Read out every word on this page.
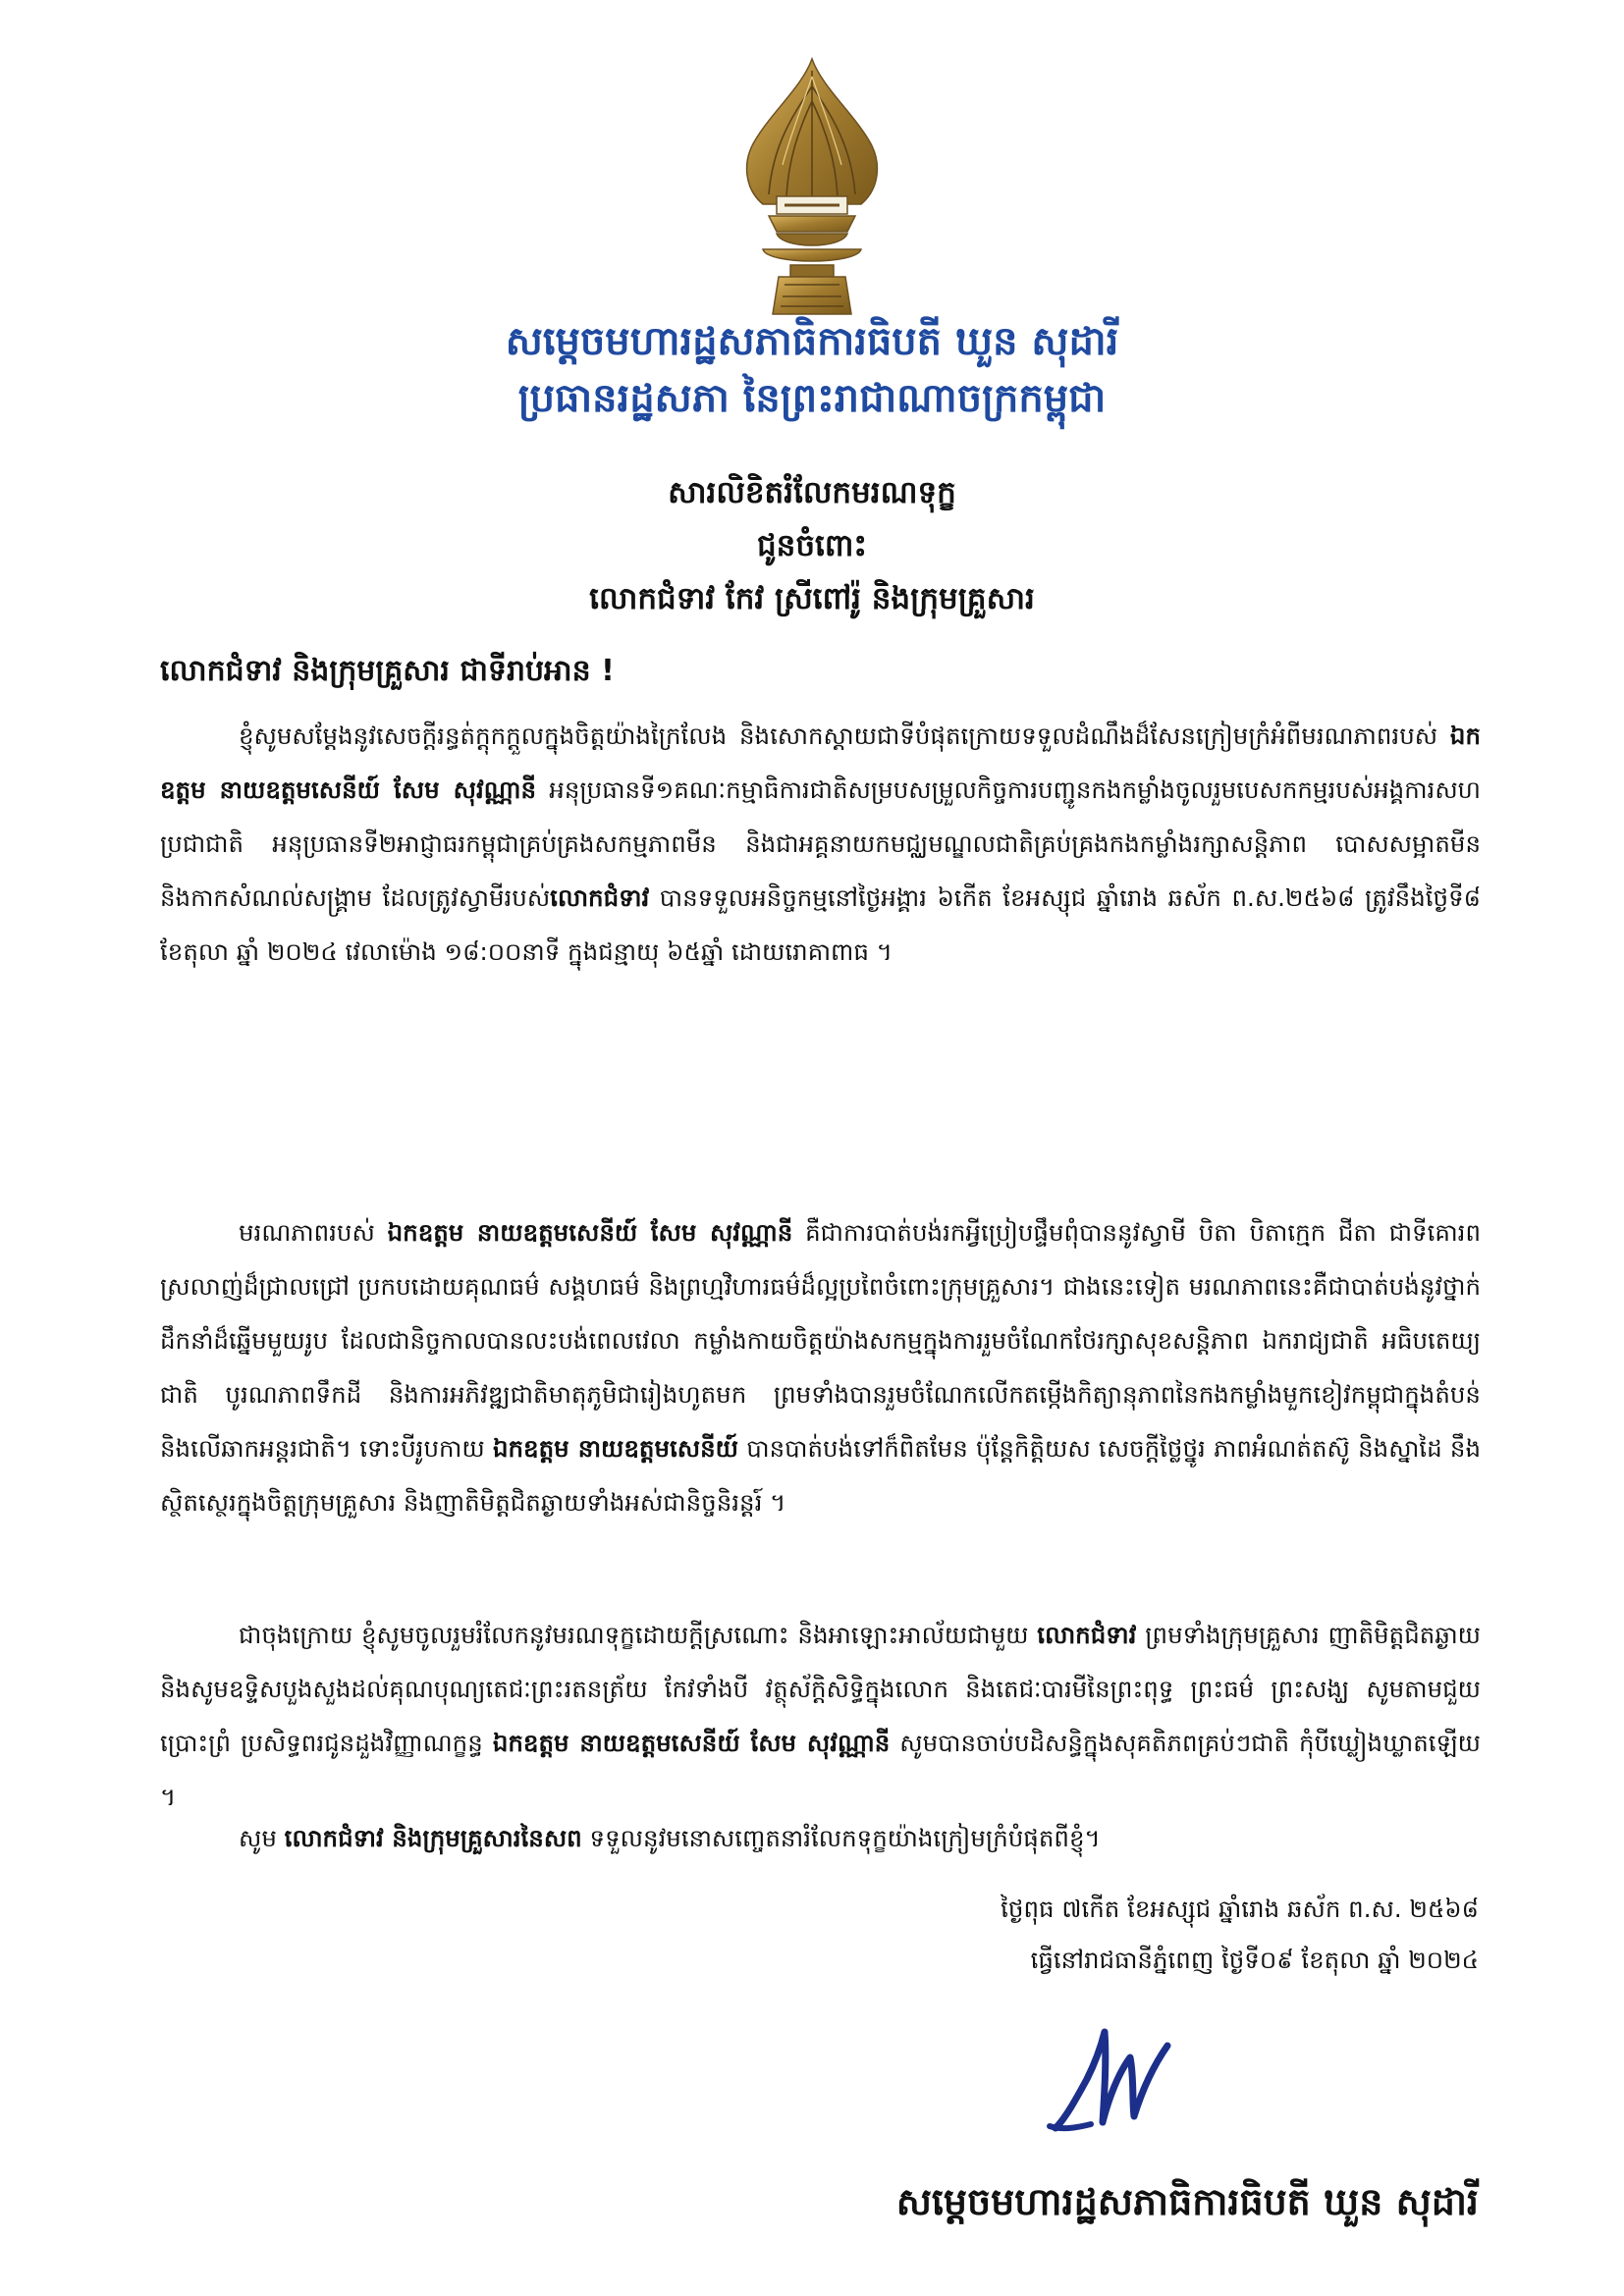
សម្ដេចមហារដ្ឋសភាធិការធិបតី ឃួន សុដារី
ប្រធានរដ្ឋសភា នៃព្រះរាជាណាចក្រកម្ពុជា
សារលិខិតរំលែកមរណទុក្ខ
ជូនចំពោះ
លោកជំទាវ កែវ ស្រីពៅរ៉ូ និងក្រុមគ្រួសារ
លោកជំទាវ និងក្រុមគ្រួសារ ជាទីរាប់អាន !

ខ្ញុំសូមសម្ដែងនូវសេចក្ដីរន្ធត់ក្ដុកក្ដួលក្នុងចិត្តយ៉ាងក្រៃលែង និងសោកស្ដាយជាទីបំផុតក្រោយទទួលដំណឹងដ៏សែនក្រៀមក្រំអំពីមរណភាពរបស់ ឯកឧត្តម នាយឧត្តមសេនីយ៍ សែម សុវណ្ណានី អនុប្រធានទី១គណៈកម្មាធិការជាតិសម្របសម្រួលកិច្ចការបញ្ជូនកងកម្លាំងចូលរួមបេសកកម្មរបស់អង្គការសហប្រជាជាតិ អនុប្រធានទី២អាជ្ញាធរកម្ពុជាគ្រប់គ្រងសកម្មភាពមីន និងជាអគ្គនាយកមជ្ឈមណ្ឌលជាតិគ្រប់គ្រងកងកម្លាំងរក្សាសន្តិភាព បោសសម្អាតមីន និងកាកសំណល់សង្គ្រាម ដែលត្រូវស្វាមីរបស់លោកជំទាវ បានទទួលអនិច្ចកម្មនៅថ្ងៃអង្គារ ៦កើត ខែអស្សុជ ឆ្នាំរោង ឆស័ក ព.ស.២៥៦៨ ត្រូវនឹងថ្ងៃទី៨ ខែតុលា ឆ្នាំ ២០២៤ វេលាម៉ោង ១៨:០០នាទី ក្នុងជន្មាយុ ៦៥ឆ្នាំ ដោយរោគាពាធ ។

មរណភាពរបស់ ឯកឧត្តម នាយឧត្តមសេនីយ៍ សែម សុវណ្ណានី គឺជាការបាត់បង់រកអ្វីប្រៀបផ្ទឹមពុំបាននូវស្វាមី បិតា បិតាក្មេក ជីតា ជាទីគោរពស្រលាញ់ដ៏ជ្រាលជ្រៅ ប្រកបដោយគុណធម៌ សង្គហធម៌ និងព្រហ្មវិហារធម៌ដ៏ល្អប្រពៃចំពោះក្រុមគ្រួសារ។ ជាងនេះទៀត មរណភាពនេះគឺជាបាត់បង់នូវថ្នាក់ដឹកនាំដ៏ឆ្នើមមួយរូប ដែលជានិច្ចកាលបានលះបង់ពេលវេលា កម្លាំងកាយចិត្តយ៉ាងសកម្មក្នុងការរួមចំណែកថែរក្សាសុខសន្តិភាព ឯករាជ្យជាតិ អធិបតេយ្យជាតិ បូរណភាពទឹកដី និងការអភិវឌ្ឍជាតិមាតុភូមិជារៀងហូតមក ព្រមទាំងបានរួមចំណែកលើកតម្កើងកិត្យានុភាពនៃកងកម្លាំងមួកខៀវកម្ពុជាក្នុងតំបន់ និងលើឆាកអន្តរជាតិ។ ទោះបីរូបកាយ ឯកឧត្តម នាយឧត្តមសេនីយ៍ បានបាត់បង់ទៅក៏ពិតមែន ប៉ុន្តែកិត្តិយស សេចក្ដីថ្លៃថ្នូរ ភាពអំណត់តស៊ូ និងស្នាដៃ នឹងស្ថិតស្ថេរក្នុងចិត្តក្រុមគ្រួសារ និងញាតិមិត្តជិតឆ្ងាយទាំងអស់ជានិច្ចនិរន្តរ៍ ។

ជាចុងក្រោយ ខ្ញុំសូមចូលរួមរំលែកនូវមរណទុក្ខដោយក្ដីស្រណោះ និងអាឡោះអាល័យជាមួយ លោកជំទាវ ព្រមទាំងក្រុមគ្រួសារ ញាតិមិត្តជិតឆ្ងាយ និងសូមឧទ្ទិសបួងសួងដល់គុណបុណ្យតេជៈព្រះរតនត្រ័យ កែវទាំងបី វត្ថុស័ក្ដិសិទ្ធិក្នុងលោក និងតេជៈបារមីនៃព្រះពុទ្ធ ព្រះធម៌ ព្រះសង្ឃ សូមតាមជួយប្រោះព្រំ ប្រសិទ្ធពរជូនដួងវិញ្ញាណក្ខន្ធ ឯកឧត្តម នាយឧត្តមសេនីយ៍ សែម សុវណ្ណានី សូមបានចាប់បដិសន្ធិក្នុងសុគតិភពគ្រប់ៗជាតិ កុំបីឃ្លៀងឃ្លាតឡើយ ។

សូម លោកជំទាវ និងក្រុមគ្រួសារនៃសព ទទួលនូវមនោសញ្ចេតនារំលែកទុក្ខយ៉ាងក្រៀមក្រំបំផុតពីខ្ញុំ។
ថ្ងៃពុធ ៧កើត ខែអស្សុជ ឆ្នាំរោង ឆស័ក ព.ស. ២៥៦៨
ធ្វើនៅរាជធានីភ្នំពេញ ថ្ងៃទី០៩ ខែតុលា ឆ្នាំ ២០២៤
សម្ដេចមហារដ្ឋសភាធិការធិបតី ឃួន សុដារី
